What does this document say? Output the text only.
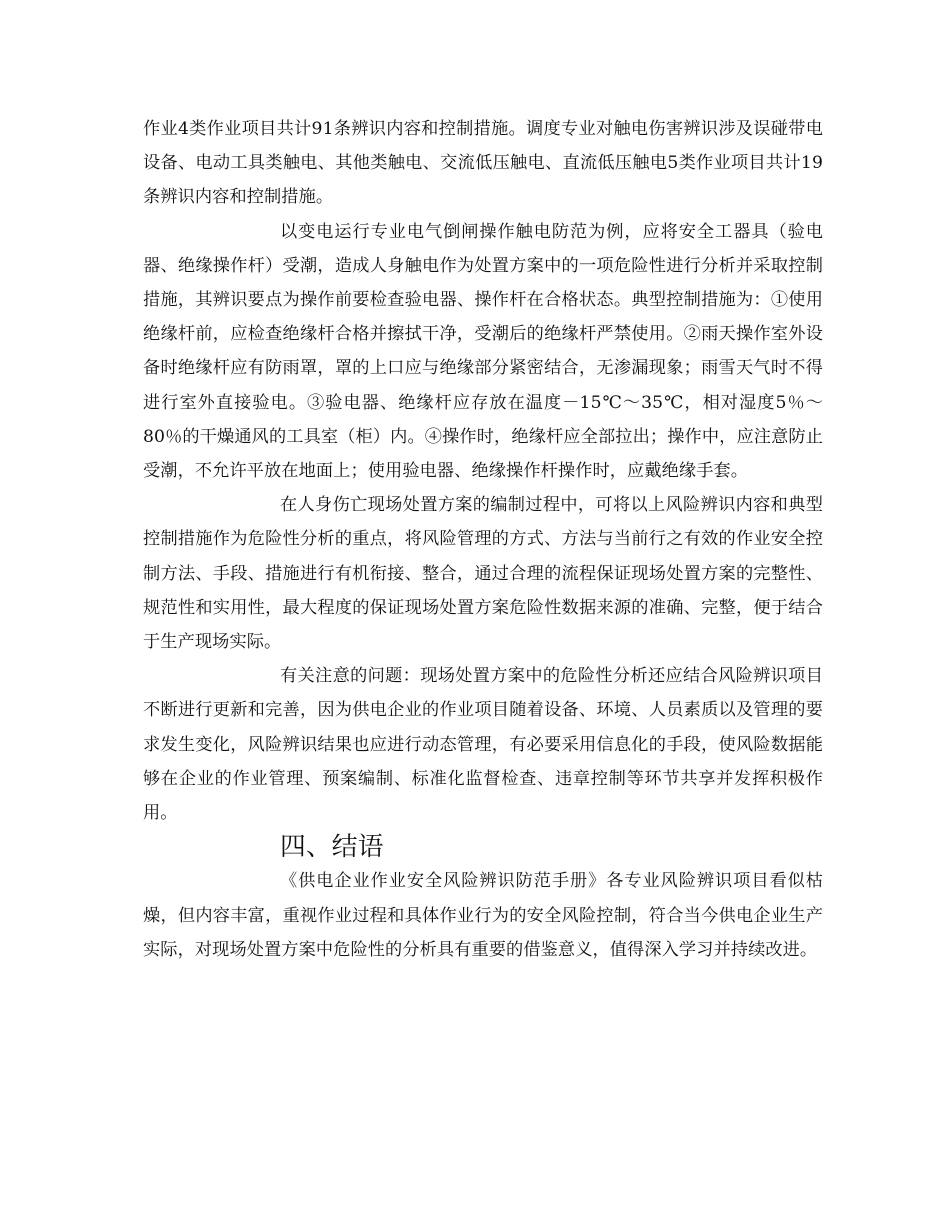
作业4类作业项目共计91条辨识内容和控制措施。调度专业对触电伤害辨识涉及误碰带电设备、电动工具类触电、其他类触电、交流低压触电、直流低压触电5类作业项目共计19条辨识内容和控制措施。

以变电运行专业电气倒闸操作触电防范为例，应将安全工器具（验电器、绝缘操作杆）受潮，造成人身触电作为处置方案中的一项危险性进行分析并采取控制措施，其辨识要点为操作前要检查验电器、操作杆在合格状态。典型控制措施为：①使用绝缘杆前，应检查绝缘杆合格并擦拭干净，受潮后的绝缘杆严禁使用。②雨天操作室外设备时绝缘杆应有防雨罩，罩的上口应与绝缘部分紧密结合，无渗漏现象；雨雪天气时不得进行室外直接验电。③验电器、绝缘杆应存放在温度－15℃～35℃，相对湿度5％～80％的干燥通风的工具室（柜）内。④操作时，绝缘杆应全部拉出；操作中，应注意防止受潮，不允许平放在地面上；使用验电器、绝缘操作杆操作时，应戴绝缘手套。

在人身伤亡现场处置方案的编制过程中，可将以上风险辨识内容和典型控制措施作为危险性分析的重点，将风险管理的方式、方法与当前行之有效的作业安全控制方法、手段、措施进行有机衔接、整合，通过合理的流程保证现场处置方案的完整性、规范性和实用性，最大程度的保证现场处置方案危险性数据来源的准确、完整，便于结合于生产现场实际。

有关注意的问题：现场处置方案中的危险性分析还应结合风险辨识项目不断进行更新和完善，因为供电企业的作业项目随着设备、环境、人员素质以及管理的要求发生变化，风险辨识结果也应进行动态管理，有必要采用信息化的手段，使风险数据能够在企业的作业管理、预案编制、标准化监督检查、违章控制等环节共享并发挥积极作用。

四、结语

《供电企业作业安全风险辨识防范手册》各专业风险辨识项目看似枯燥，但内容丰富，重视作业过程和具体作业行为的安全风险控制，符合当今供电企业生产实际，对现场处置方案中危险性的分析具有重要的借鉴意义，值得深入学习并持续改进。
